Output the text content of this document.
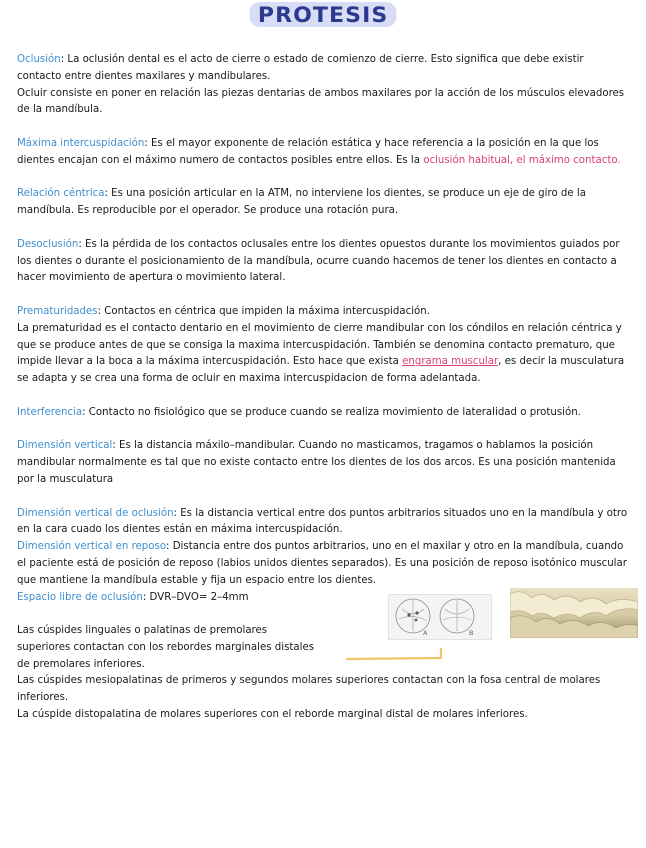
PROTESIS

Oclusión: La oclusión dental es el acto de cierre o estado de comienzo de cierre. Esto significa que debe existir contacto entre dientes maxilares y mandibulares.

Ocluir consiste en poner en relación las piezas dentarias de ambos maxilares por la acción de los músculos elevadores de la mandíbula.

Máxima intercuspidación: Es el mayor exponente de relación estática y hace referencia a la posición en la que los dientes encajan con el máximo numero de contactos posibles entre ellos. Es la oclusión habitual, el máximo contacto.

Relación céntrica: Es una posición articular en la ATM, no interviene los dientes, se produce un eje de giro de la mandíbula. Es reproducible por el operador. Se produce una rotación pura.

Desoclusión: Es la pérdida de los contactos oclusales entre los dientes opuestos durante los movimientos guiados por los dientes o durante el posicionamiento de la mandíbula, ocurre cuando hacemos de tener los dientes en contacto a hacer movimiento de apertura o movimiento lateral.

Prematuridades: Contactos en céntrica que impiden la máxima intercuspidación.

La prematuridad es el contacto dentario en el movimiento de cierre mandibular con los cóndilos en relación céntrica y que se produce antes de que se consiga la maxima intercuspidación. También se denomina contacto prematuro, que impide llevar a la boca a la máxima intercuspidación. Esto hace que exista engrama muscular, es decir la musculatura se adapta y se crea una forma de ocluir en maxima intercuspidacion de forma adelantada.

Interferencia: Contacto no fisiológico que se produce cuando se realiza movimiento de lateralidad o protusión.

Dimensión vertical: Es la distancia máxilo–mandibular. Cuando no masticamos, tragamos o hablamos la posición mandibular normalmente es tal que no existe contacto entre los dientes de los dos arcos. Es una posición mantenida por la musculatura

Dimensión vertical de oclusión: Es la distancia vertical entre dos puntos arbitrarios situados uno en la mandíbula y otro en la cara cuado los dientes están en máxima intercuspidación.

Dimensión vertical en reposo: Distancia entre dos puntos arbitrarios, uno en el maxilar y otro en la mandíbula, cuando el paciente está de posición de reposo (labios unidos dientes separados). Es una posición de reposo isotónico muscular que mantiene la mandíbula estable y fija un espacio entre los dientes.

Espacio libre de oclusión: DVR–DVO= 2–4mm

Las cúspides linguales o palatinas de premolares superiores contactan con los rebordes marginales distales de premolares inferiores.

Las cúspides mesiopalatinas de primeros y segundos molares superiores contactan con la fosa central de molares inferiores.

La cúspide distopalatina de molares superiores con el reborde marginal distal de molares inferiores.

A	B
